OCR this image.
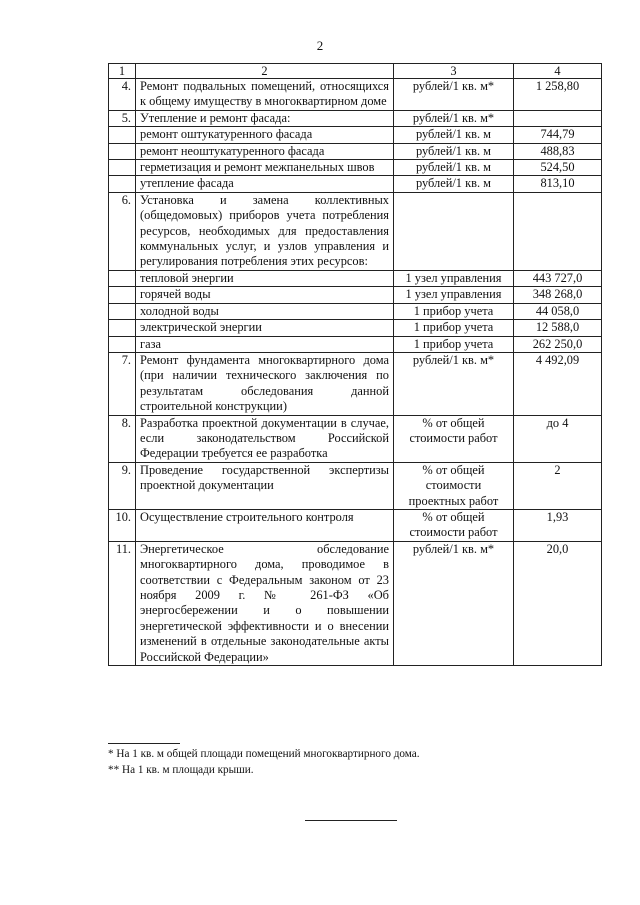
2
1	2	3	4
4.	Ремонт подвальных помещений, относящихся к общему имуществу в многоквартирном доме	рублей/1 кв. м*	1 258,80
5.	Утепление и ремонт фасада:	рублей/1 кв. м*	
	ремонт оштукатуренного фасада	рублей/1 кв. м	744,79
	ремонт неоштукатуренного фасада	рублей/1 кв. м	488,83
	герметизация и ремонт межпанельных швов	рублей/1 кв. м	524,50
	утепление фасада	рублей/1 кв. м	813,10
6.	Установка и замена коллективных (общедомовых) приборов учета потребления ресурсов, необходимых для предоставления коммунальных услуг, и узлов управления и регулирования потребления этих ресурсов:		
	тепловой энергии	1 узел управления	443 727,0
	горячей воды	1 узел управления	348 268,0
	холодной воды	1 прибор учета	44 058,0
	электрической энергии	1 прибор учета	12 588,0
	газа	1 прибор учета	262 250,0
7.	Ремонт фундамента многоквартирного дома (при наличии технического заключения по результатам обследования данной строительной конструкции)	рублей/1 кв. м*	4 492,09
8.	Разработка проектной документации в случае, если законодательством Российской Федерации требуется ее разработка	% от общей стоимости работ	до 4
9.	Проведение государственной экспертизы проектной документации	% от общей стоимости проектных работ	2
10.	Осуществление строительного контроля	% от общей стоимости работ	1,93
11.	Энергетическое обследование многоквартирного дома, проводимое в соответствии с Федеральным законом от 23 ноября 2009 г. № 261-ФЗ «Об энергосбережении и о повышении энергетической эффективности и о внесении изменений в отдельные законодательные акты Российской Федерации»	рублей/1 кв. м*	20,0
* На 1 кв. м общей площади помещений многоквартирного дома.
** На 1 кв. м площади крыши.
